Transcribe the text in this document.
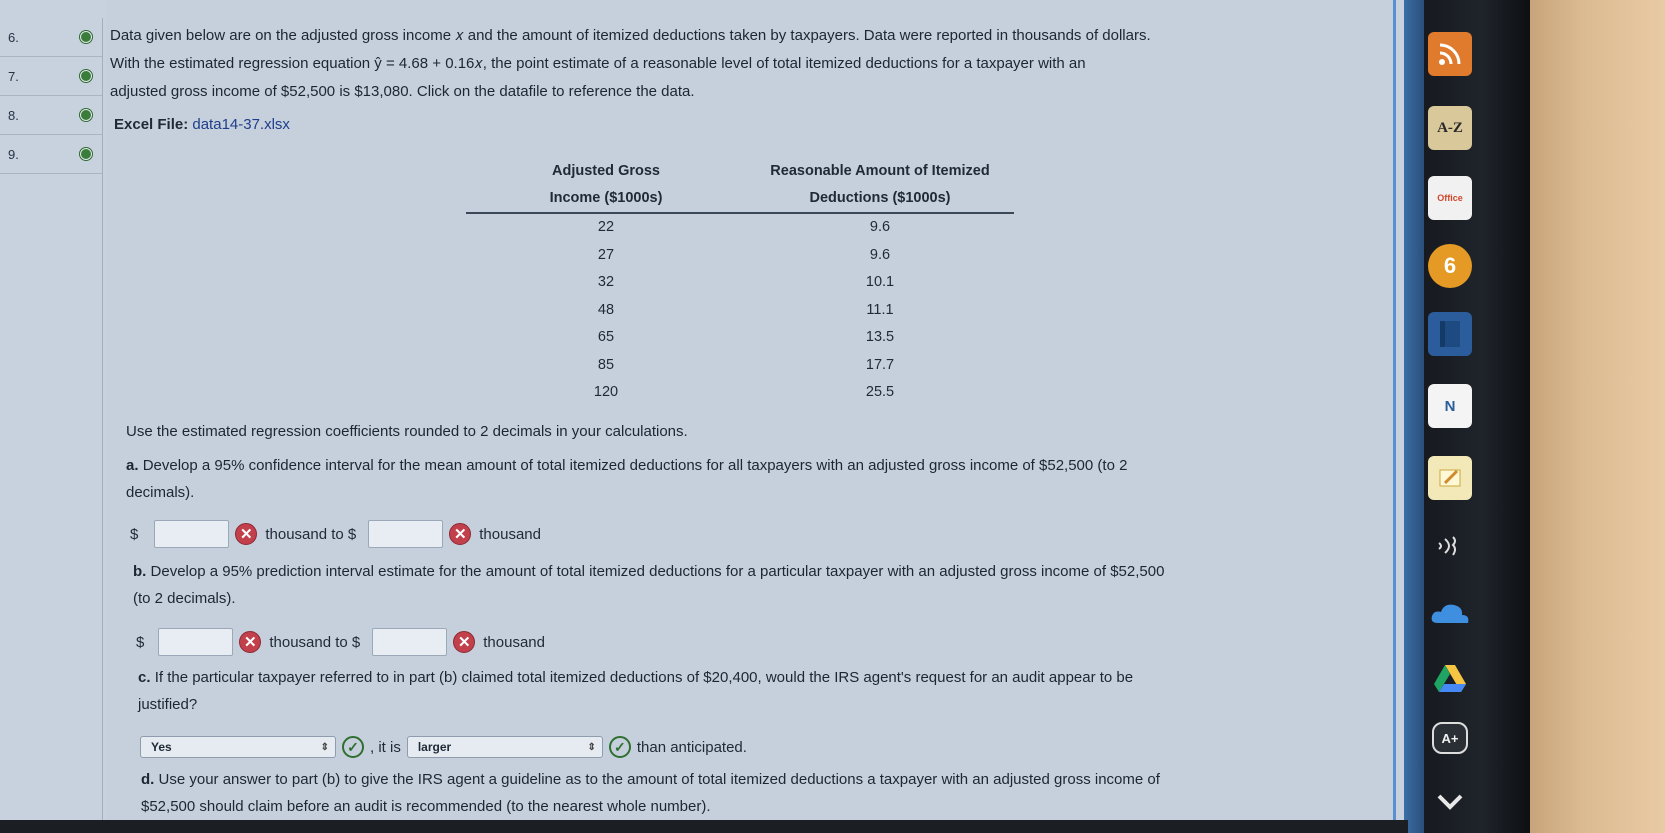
6.
7.
8.
9.
Data given below are on the adjusted gross income 𝑥 and the amount of itemized deductions taken by taxpayers. Data were reported in thousands of dollars.
With the estimated regression equation ŷ = 4.68 + 0.16𝑥, the point estimate of a reasonable level of total itemized deductions for a taxpayer with an
adjusted gross income of $52,500 is $13,080. Click on the datafile to reference the data.
Excel File: data14-37.xlsx
Adjusted Gross	Reasonable Amount of Itemized
Income ($1000s)	Deductions ($1000s)
22	9.6
27	9.6
32	10.1
48	11.1
65	13.5
85	17.7
120	25.5
Use the estimated regression coefficients rounded to 2 decimals in your calculations.
a. Develop a 95% confidence interval for the mean amount of total itemized deductions for all taxpayers with an adjusted gross income of $52,500 (to 2
decimals).
$	✕ thousand to $	✕ thousand
b. Develop a 95% prediction interval estimate for the amount of total itemized deductions for a particular taxpayer with an adjusted gross income of $52,500
(to 2 decimals).
$	✕ thousand to $	✕ thousand
c. If the particular taxpayer referred to in part (b) claimed total itemized deductions of $20,400, would the IRS agent's request for an audit appear to be
justified?
Yes	⇕	✓ , it is larger	⇕	✓ than anticipated.
d. Use your answer to part (b) to give the IRS agent a guideline as to the amount of total itemized deductions a taxpayer with an adjusted gross income of
$52,500 should claim before an audit is recommended (to the nearest whole number).
A-Z
Office
6
N
A+
